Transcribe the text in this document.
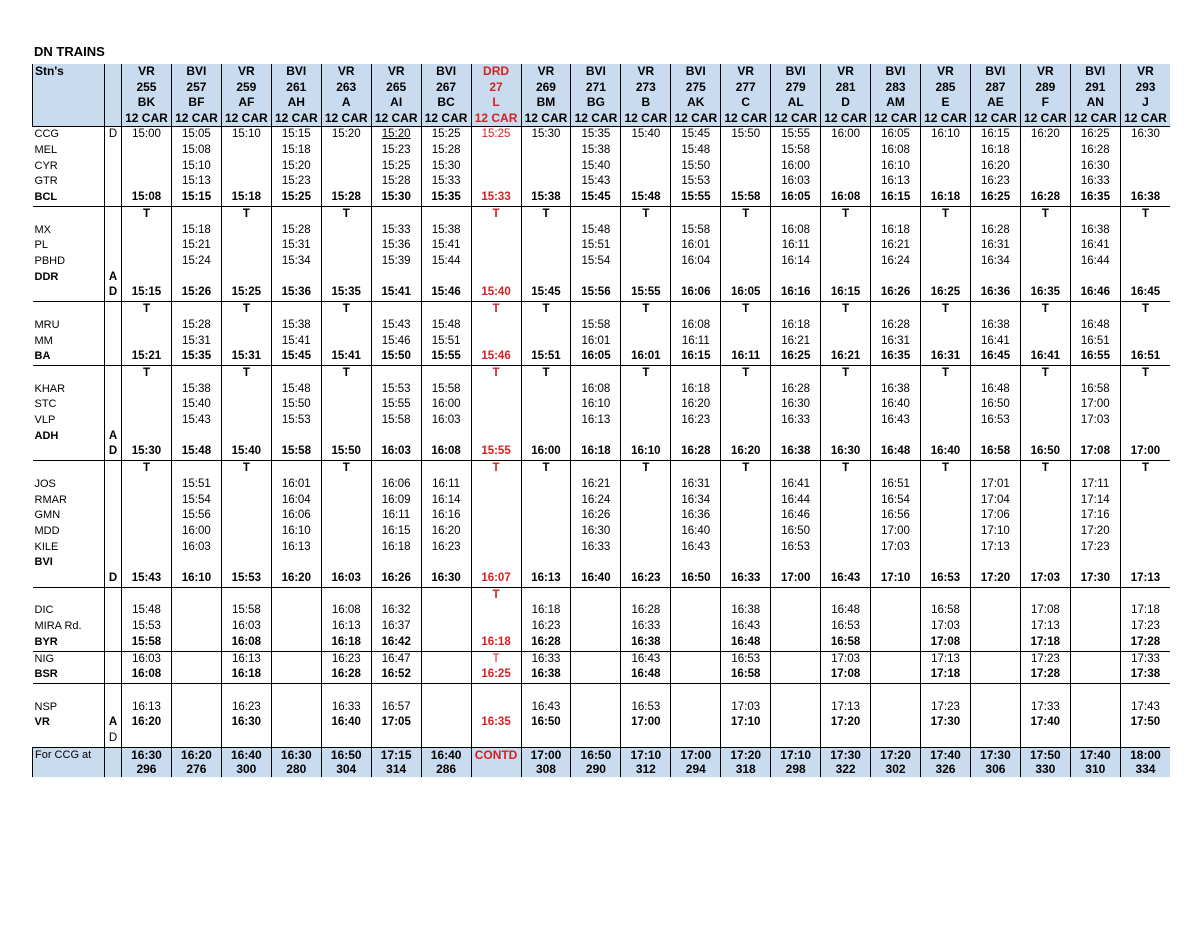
DN TRAINS
Stn's		VR	BVI	VR	BVI	VR	VR	BVI	DRD	VR	BVI	VR	BVI	VR	BVI	VR	BVI	VR	BVI	VR	BVI	VR
		255	257	259	261	263	265	267	27	269	271	273	275	277	279	281	283	285	287	289	291	293
		BK	BF	AF	AH	A	AI	BC	L	BM	BG	B	AK	C	AL	D	AM	E	AE	F	AN	J
		12 CAR	12 CAR	12 CAR	12 CAR	12 CAR	12 CAR	12 CAR	12 CAR	12 CAR	12 CAR	12 CAR	12 CAR	12 CAR	12 CAR	12 CAR	12 CAR	12 CAR	12 CAR	12 CAR	12 CAR	12 CAR
CCG	D	15:00	15:05	15:10	15:15	15:20	15:20	15:25	15:25	15:30	15:35	15:40	15:45	15:50	15:55	16:00	16:05	16:10	16:15	16:20	16:25	16:30
MEL			15:08		15:18		15:23	15:28			15:38		15:48		15:58		16:08		16:18		16:28	
CYR			15:10		15:20		15:25	15:30			15:40		15:50		16:00		16:10		16:20		16:30	
GTR			15:13		15:23		15:28	15:33			15:43		15:53		16:03		16:13		16:23		16:33	
BCL		15:08	15:15	15:18	15:25	15:28	15:30	15:35	15:33	15:38	15:45	15:48	15:55	15:58	16:05	16:08	16:15	16:18	16:25	16:28	16:35	16:38
		T		T		T			T	T		T		T		T		T		T		T
MX			15:18		15:28		15:33	15:38			15:48		15:58		16:08		16:18		16:28		16:38	
PL			15:21		15:31		15:36	15:41			15:51		16:01		16:11		16:21		16:31		16:41	
PBHD			15:24		15:34		15:39	15:44			15:54		16:04		16:14		16:24		16:34		16:44	
DDR	A																					
	D	15:15	15:26	15:25	15:36	15:35	15:41	15:46	15:40	15:45	15:56	15:55	16:06	16:05	16:16	16:15	16:26	16:25	16:36	16:35	16:46	16:45
		T		T		T			T	T		T		T		T		T		T		T
MRU			15:28		15:38		15:43	15:48			15:58		16:08		16:18		16:28		16:38		16:48	
MM			15:31		15:41		15:46	15:51			16:01		16:11		16:21		16:31		16:41		16:51	
BA		15:21	15:35	15:31	15:45	15:41	15:50	15:55	15:46	15:51	16:05	16:01	16:15	16:11	16:25	16:21	16:35	16:31	16:45	16:41	16:55	16:51
		T		T		T			T	T		T		T		T		T		T		T
KHAR			15:38		15:48		15:53	15:58			16:08		16:18		16:28		16:38		16:48		16:58	
STC			15:40		15:50		15:55	16:00			16:10		16:20		16:30		16:40		16:50		17:00	
VLP			15:43		15:53		15:58	16:03			16:13		16:23		16:33		16:43		16:53		17:03	
ADH	A																					
	D	15:30	15:48	15:40	15:58	15:50	16:03	16:08	15:55	16:00	16:18	16:10	16:28	16:20	16:38	16:30	16:48	16:40	16:58	16:50	17:08	17:00
		T		T		T			T	T		T		T		T		T		T		T
JOS			15:51		16:01		16:06	16:11			16:21		16:31		16:41		16:51		17:01		17:11	
RMAR			15:54		16:04		16:09	16:14			16:24		16:34		16:44		16:54		17:04		17:14	
GMN			15:56		16:06		16:11	16:16			16:26		16:36		16:46		16:56		17:06		17:16	
MDD			16:00		16:10		16:15	16:20			16:30		16:40		16:50		17:00		17:10		17:20	
KILE			16:03		16:13		16:18	16:23			16:33		16:43		16:53		17:03		17:13		17:23	
BVI																						
	D	15:43	16:10	15:53	16:20	16:03	16:26	16:30	16:07	16:13	16:40	16:23	16:50	16:33	17:00	16:43	17:10	16:53	17:20	17:03	17:30	17:13
									T													
DIC		15:48		15:58		16:08	16:32			16:18		16:28		16:38		16:48		16:58		17:08		17:18
MIRA Rd.		15:53		16:03		16:13	16:37			16:23		16:33		16:43		16:53		17:03		17:13		17:23
BYR		15:58		16:08		16:18	16:42		16:18	16:28		16:38		16:48		16:58		17:08		17:18		17:28
NIG		16:03		16:13		16:23	16:47		T	16:33		16:43		16:53		17:03		17:13		17:23		17:33
BSR		16:08		16:18		16:28	16:52		16:25	16:38		16:48		16:58		17:08		17:18		17:28		17:38

NSP		16:13		16:23		16:33	16:57			16:43		16:53		17:03		17:13		17:23		17:33		17:43
VR	A	16:20		16:30		16:40	17:05		16:35	16:50		17:00		17:10		17:20		17:30		17:40		17:50
	D																					
For CCG at		16:30	16:20	16:40	16:30	16:50	17:15	16:40	CONTD	17:00	16:50	17:10	17:00	17:20	17:10	17:30	17:20	17:40	17:30	17:50	17:40	18:00
		296	276	300	280	304	314	286		308	290	312	294	318	298	322	302	326	306	330	310	334
